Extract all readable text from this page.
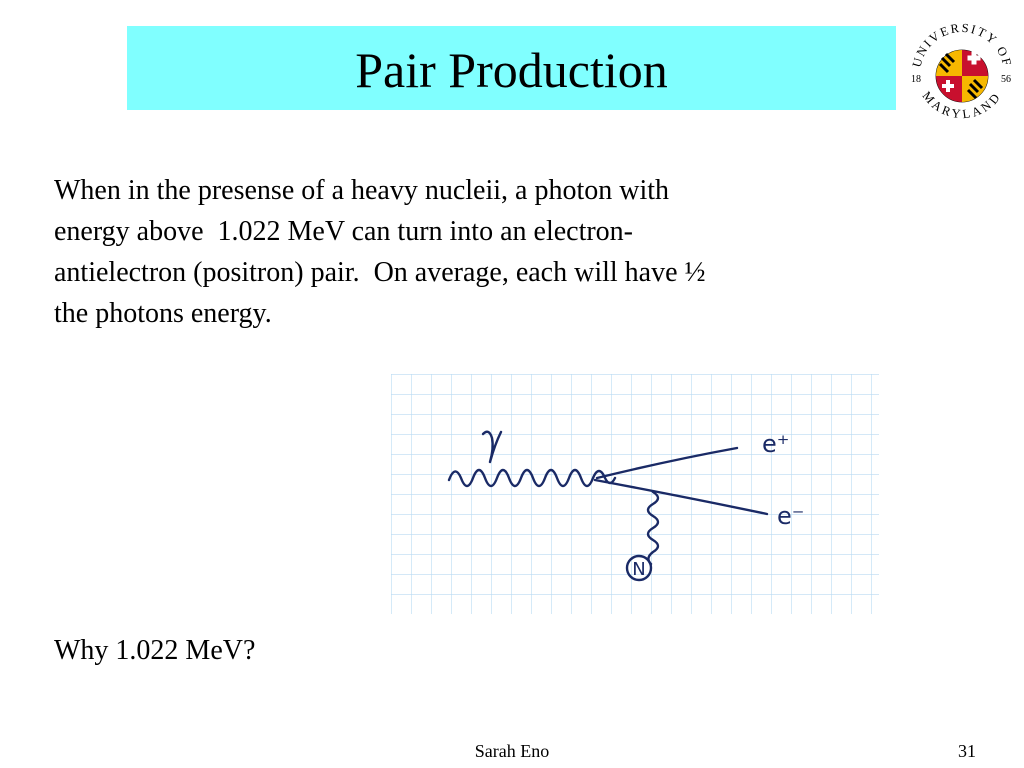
Pair Production	UNIVERSITY OF
MARYLAND
18	56
When in the presense of a heavy nucleii, a photon with
energy above  1.022 MeV can turn into an electron-
antielectron (positron) pair.  On average, each will have ½
the photons energy.
e⁺
e⁻
N

Why 1.022 MeV?

Sarah Eno	31
